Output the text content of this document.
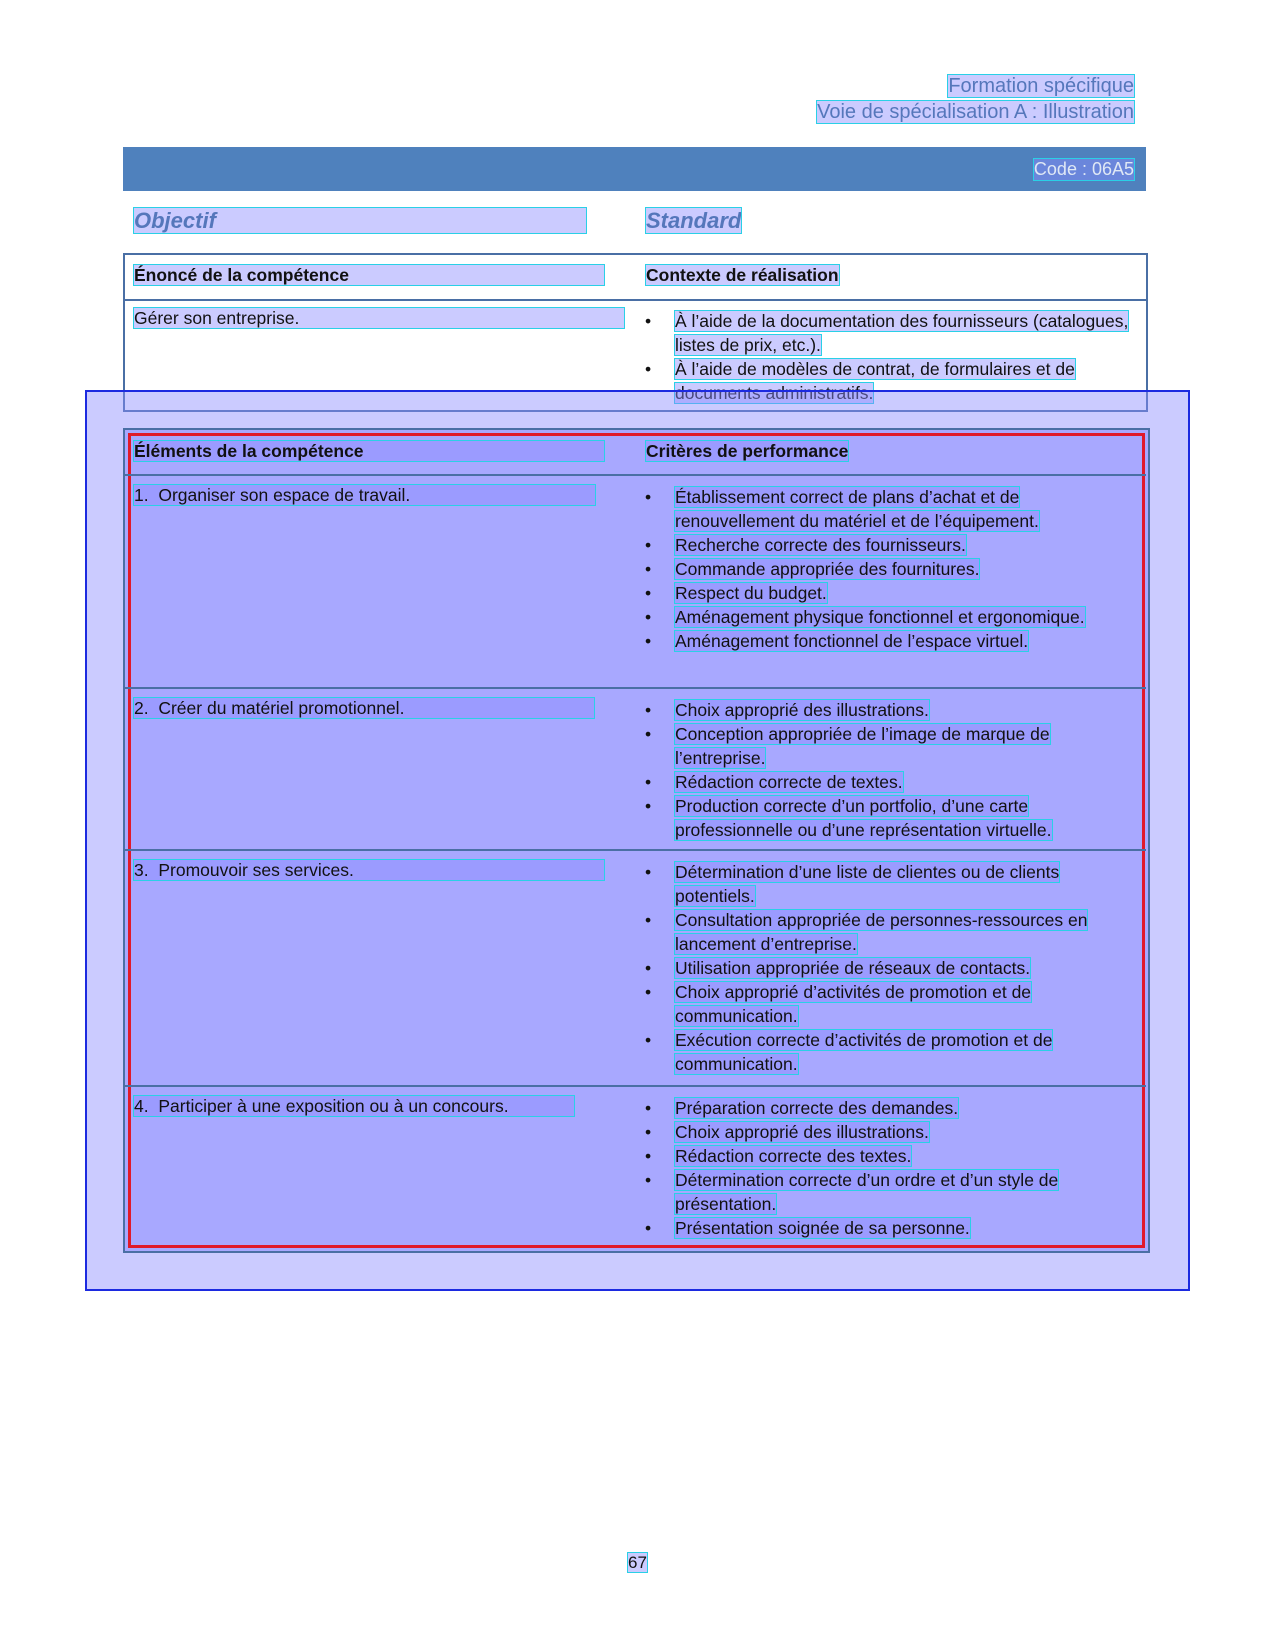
Formation spécifique
Voie de spécialisation A : Illustration
Code : 06A5
Objectif	Standard
Énoncé de la compétence	Contexte de réalisation
Gérer son entreprise.	• À l’aide de la documentation des fournisseurs (catalogues, listes de prix, etc.).
• À l’aide de modèles de contrat, de formulaires et de documents administratifs.
Éléments de la compétence	Critères de performance
1. Organiser son espace de travail.	• Établissement correct de plans d’achat et de renouvellement du matériel et de l’équipement.
• Recherche correcte des fournisseurs.
• Commande appropriée des fournitures.
• Respect du budget.
• Aménagement physique fonctionnel et ergonomique.
• Aménagement fonctionnel de l’espace virtuel.
2. Créer du matériel promotionnel.	• Choix approprié des illustrations.
• Conception appropriée de l’image de marque de l’entreprise.
• Rédaction correcte de textes.
• Production correcte d’un portfolio, d’une carte professionnelle ou d’une représentation virtuelle.
3. Promouvoir ses services.	• Détermination d’une liste de clientes ou de clients potentiels.
• Consultation appropriée de personnes-ressources en lancement d’entreprise.
• Utilisation appropriée de réseaux de contacts.
• Choix approprié d’activités de promotion et de communication.
• Exécution correcte d’activités de promotion et de communication.
4. Participer à une exposition ou à un concours.	• Préparation correcte des demandes.
• Choix approprié des illustrations.
• Rédaction correcte des textes.
• Détermination correcte d’un ordre et d’un style de présentation.
• Présentation soignée de sa personne.
67
